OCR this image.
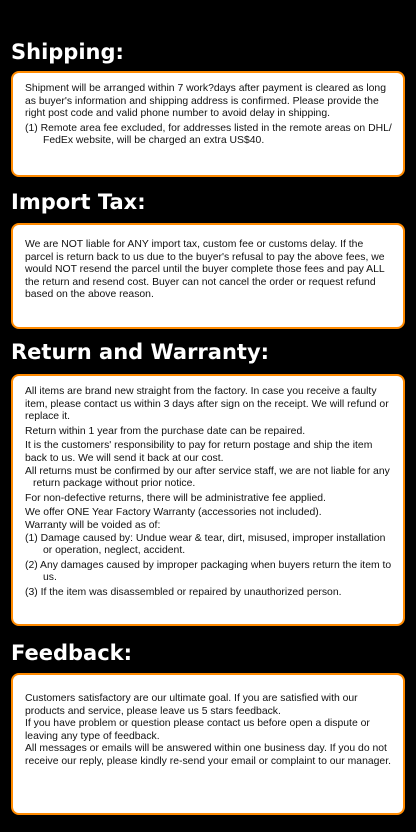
Shipping:

Shipment will be arranged within 7 work?days after payment is cleared as long as buyer's information and shipping address is confirmed. Please provide the right post code and valid phone number to avoid delay in shipping.

(1) Remote area fee excluded, for addresses listed in the remote areas on DHL/ FedEx website, will be charged an extra US$40.

Import Tax:

We are NOT liable for ANY import tax, custom fee or customs delay. If the parcel is return back to us due to the buyer's refusal to pay the above fees, we would NOT resend the parcel until the buyer complete those fees and pay ALL the return and resend cost. Buyer can not cancel the order or request refund based on the above reason.

Return and Warranty:

All items are brand new straight from the factory. In case you receive a faulty item, please contact us within 3 days after sign on the receipt. We will refund or replace it.

Return within 1 year from the purchase date can be repaired.

It is the customers' responsibility to pay for return postage and ship the item back to us. We will send it back at our cost.

All returns must be confirmed by our after service staff, we are not liable for any return package without prior notice.

For non-defective returns, there will be administrative fee applied.

We offer ONE Year Factory Warranty (accessories not included).

Warranty will be voided as of:

(1) Damage caused by: Undue wear & tear, dirt, misused, improper installation or operation, neglect, accident.

(2) Any damages caused by improper packaging when buyers return the item to us.

(3) If the item was disassembled or repaired by unauthorized person.

Feedback:

Customers satisfactory are our ultimate goal. If you are satisfied with our products and service, please leave us 5 stars feedback.

If you have problem or question please contact us before open a dispute or leaving any type of feedback.

All messages or emails will be answered within one business day. If you do not receive our reply, please kindly re-send your email or complaint to our manager.
